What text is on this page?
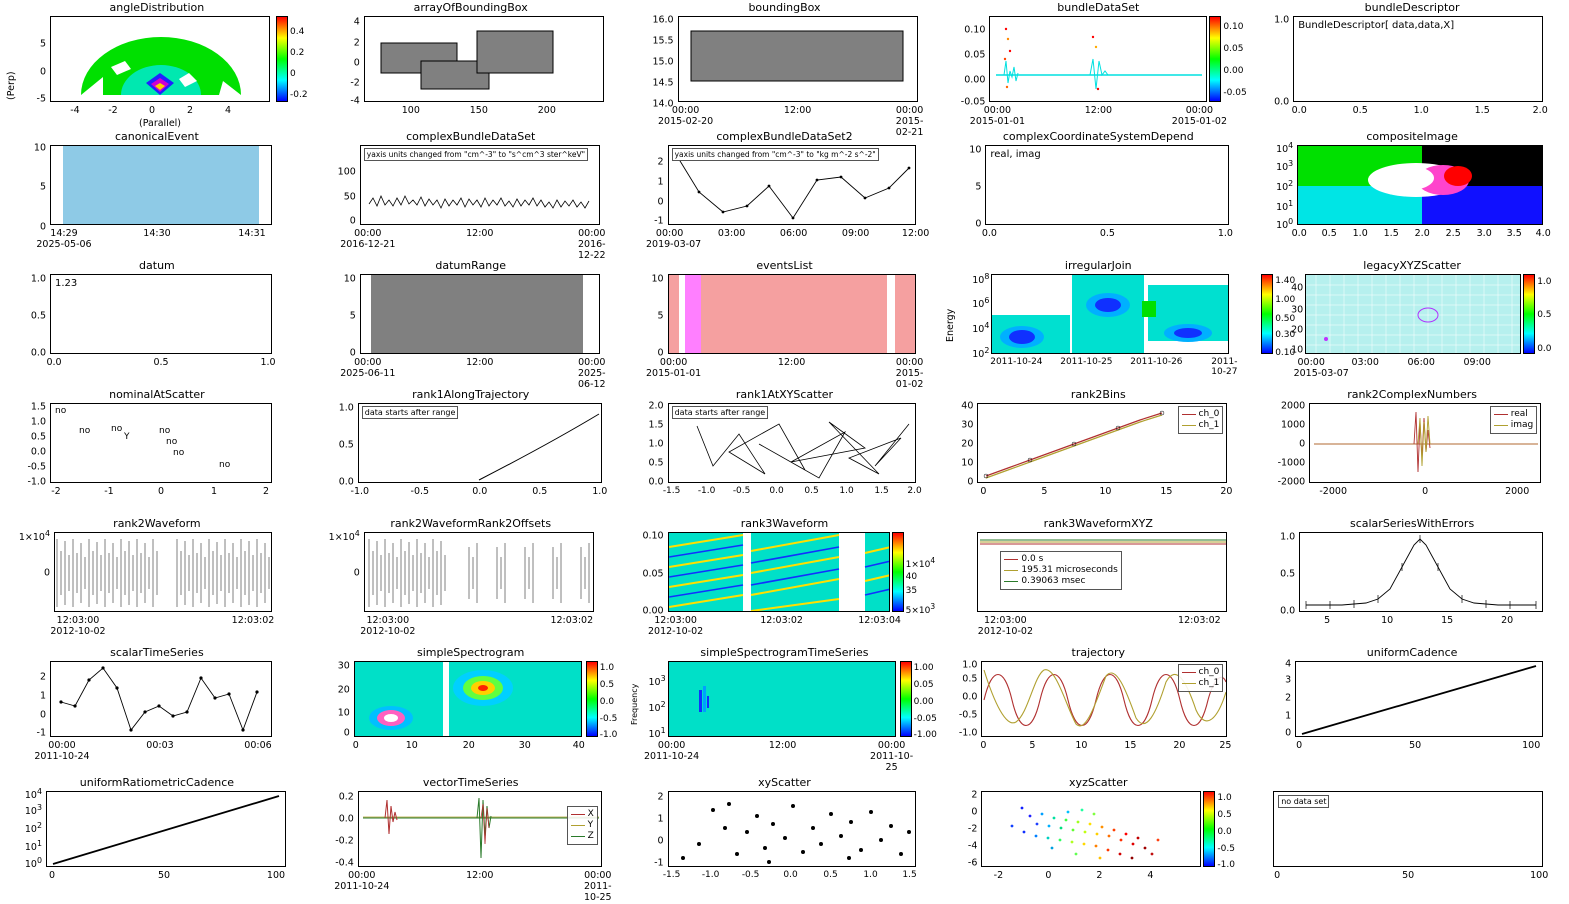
angleDistribution
5
0
-5
(Perp)
-4	-2	0	2	4
(Parallel)
0.4
0.2
0
-0.2
arrayOfBoundingBox
4
2
0
-2
-4
100	150	200
boundingBox
14.0
14.5
15.0
15.5
16.0
00:00	12:00	00:00
2015-02-20	2015-02-21
bundleDataSet
-0.05
0.00
0.05
0.10
00:00	12:00	00:00
2015-01-01	2015-01-02
0.10
0.05
0.00
-0.05
bundleDescriptor
BundleDescriptor[ data,data,X]
1.0
0.0
0.0	0.5	1.0	1.5	2.0
canonicalEvent
0
5
10
14:29	14:30	14:31
2025-05-06
complexBundleDataSet
yaxis units changed from "cm^-3" to "s^cm^3 ster^keV"
0
50
100
00:00	12:00	00:00
2016-12-21	2016-12-22
complexBundleDataSet2
yaxis units changed from "cm^-3" to "kg m^-2 s^-2"
-1
0
1
2
00:00	03:00	06:00	09:00	12:00
2019-03-07
complexCoordinateSystemDepend
real, imag
0
5
10
0.0	0.5	1.0
compositeImage
$10^0$
$10^1$
$10^2$
$10^3$
$10^4$
0.0 0.5 1.0 1.5 2.0 2.5 3.0 3.5 4.0
datum
1.23
0.0
0.5
1.0
0.0	0.5	1.0
datumRange
0
5
10
00:00	12:00	00:00
2025-06-11	2025-06-12
eventsList
0
5
10
00:00	12:00	00:00
2015-01-01	2015-01-02
irregularJoin
Energy
$10^2$
$10^4$
$10^6$
$10^8$
2011-10-24 2011-10-25 2011-10-26	2011-10-27
legacyXYZScatter
1.40
1.00
0.50
0.30
0.10
10
20
30
40
00:00	03:00	06:00	09:00
2015-03-07
1.0
0.5
0.0
nominalAtScatter
no
no no
Y
no
no
no
no
-1.0
-0.5
0.0
0.5
1.0
1.5
-2	-1	0	1	2
rank1AlongTrajectory
data starts after range
0.0
0.5
1.0
-1.0	-0.5	0.0	0.5	1.0
rank1AtXYScatter
data starts after range
0.0
0.5
1.0
1.5
2.0
-1.5 -1.0 -0.5 0.0 0.5 1.0 1.5 2.0
rank2Bins
ch_0
ch_1
0
10
20
30
40
0	5	10	15	20
rank2ComplexNumbers
real
imag
-2000
-1000
0
1000
2000
-2000	0	2000
rank2Waveform
$1\times 10^4$
0
12:03:00	12:03:02
2012-10-02
rank2WaveformRank2Offsets
$1\times 10^4$
0
12:03:00	12:03:02
2012-10-02
rank3Waveform
0.00
0.05
0.10
12:03:00	12:03:02	12:03:04
2012-10-02
$1\times 10^4$
40
35
$5\times 10^3$
rank3WaveformXYZ
0.0 s
195.31 microseconds
0.39063 msec
12:03:00	12:03:02
2012-10-02
scalarSeriesWithErrors
0.0
0.5
1.0
5	10	15	20
scalarTimeSeries
-1
0
1
2
00:00	00:03	00:06
2011-10-24
simpleSpectrogram
0
10
20
30
0	10	20	30	40
1.0
0.5
0.0
-0.5
-1.0
simpleSpectrogramTimeSeries
Frequency
$10^1$
$10^2$
$10^3$
00:00	12:00	00:00
2011-10-24	2011-10-25
1.00
0.05
0.00
-0.05
-1.00
trajectory
ch_0
ch_1
-1.0
-0.5
0.0
0.5
1.0
0	5	10	15	20	25
uniformCadence
0
1
2
3
4
0	50	100
uniformRatiometricCadence
$10^0$
$10^1$
$10^2$
$10^3$
$10^4$
0	50	100
vectorTimeSeries
X
Y
Z
-0.4
-0.2
0.0
0.2
00:00	12:00	00:00
2011-10-24	2011-10-25
xyScatter
-1
0
1
2
-1.5 -1.0 -0.5	0.0	0.5	1.0	1.5
xyzScatter
-6
-4
-2
0
2
-2	0	2	4
1.0
0.5
0.0
-0.5
-1.0
no data set
0	50	100
